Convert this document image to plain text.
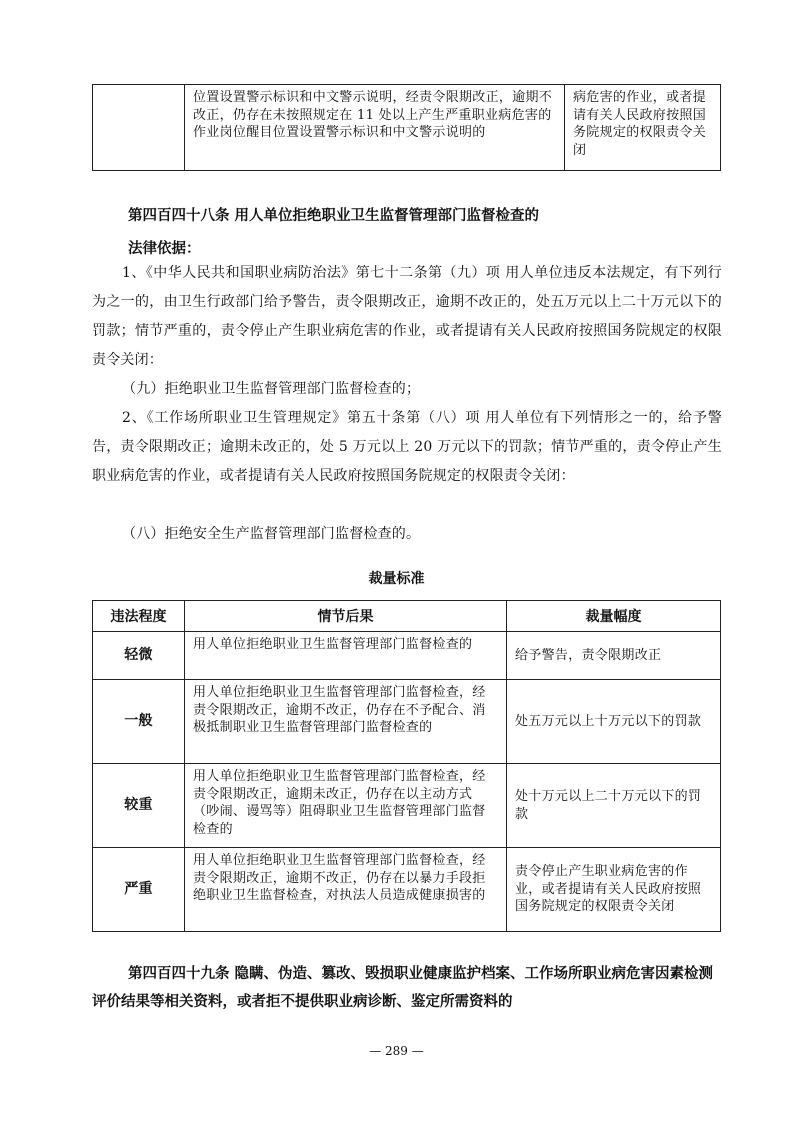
	位置设置警示标识和中文警示说明，经责令限期改正，逾期不改正，仍存在未按照规定在 11 处以上产生严重职业病危害的作业岗位醒目位置设置警示标识和中文警示说明的	病危害的作业，或者提请有关人民政府按照国务院规定的权限责令关闭
第四百四十八条 用人单位拒绝职业卫生监督管理部门监督检查的
法律依据：
1、《中华人民共和国职业病防治法》第七十二条第（九）项 用人单位违反本法规定，有下列行为之一的，由卫生行政部门给予警告，责令限期改正，逾期不改正的，处五万元以上二十万元以下的罚款；情节严重的，责令停止产生职业病危害的作业，或者提请有关人民政府按照国务院规定的权限责令关闭：
（九）拒绝职业卫生监督管理部门监督检查的；
2、《工作场所职业卫生管理规定》第五十条第（八）项 用人单位有下列情形之一的，给予警告，责令限期改正；逾期未改正的，处 5 万元以上 20 万元以下的罚款；情节严重的，责令停止产生职业病危害的作业，或者提请有关人民政府按照国务院规定的权限责令关闭：
（八）拒绝安全生产监督管理部门监督检查的。
裁量标准
违法程度	情节后果	裁量幅度
轻微	用人单位拒绝职业卫生监督管理部门监督检查的	给予警告，责令限期改正
一般	用人单位拒绝职业卫生监督管理部门监督检查，经责令限期改正，逾期不改正，仍存在不予配合、消极抵制职业卫生监督管理部门监督检查的	处五万元以上十万元以下的罚款
较重	用人单位拒绝职业卫生监督管理部门监督检查，经责令限期改正，逾期未改正，仍存在以主动方式（吵闹、谩骂等）阻碍职业卫生监督管理部门监督检查的	处十万元以上二十万元以下的罚款
严重	用人单位拒绝职业卫生监督管理部门监督检查，经责令限期改正，逾期不改正，仍存在以暴力手段拒绝职业卫生监督检查，对执法人员造成健康损害的	责令停止产生职业病危害的作业，或者提请有关人民政府按照国务院规定的权限责令关闭
第四百四十九条 隐瞒、伪造、篡改、毁损职业健康监护档案、工作场所职业病危害因素检测评价结果等相关资料，或者拒不提供职业病诊断、鉴定所需资料的
— 289 —
